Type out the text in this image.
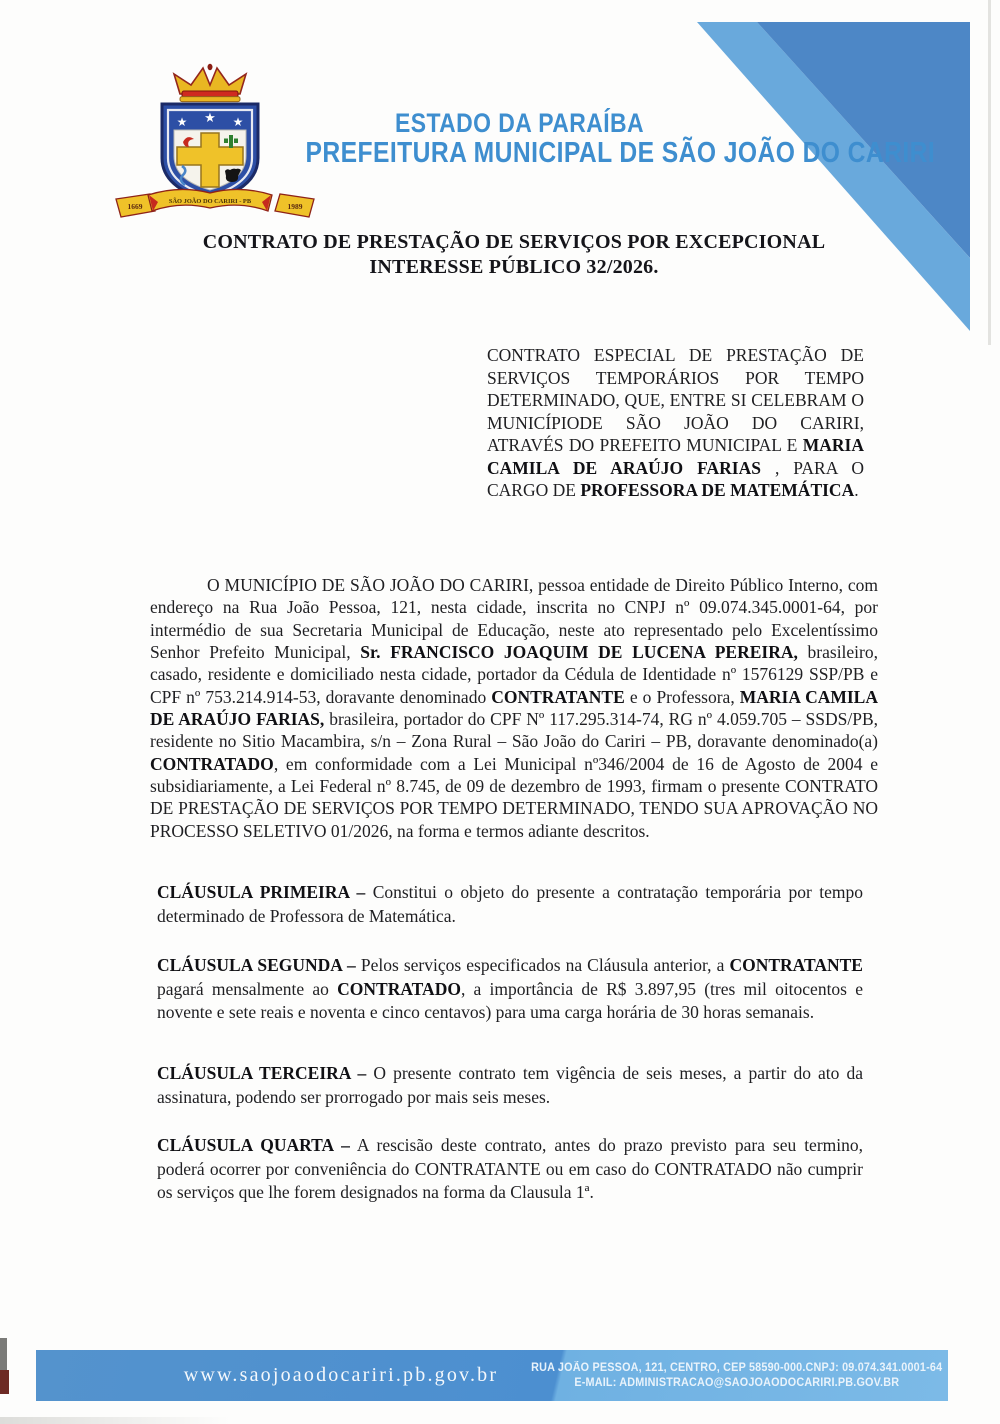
★ ★ ★
1669
SÃO JOÃO DO CARIRI - PB
1989
ESTADO DA PARAÍBA
PREFEITURA MUNICIPAL DE SÃO JOÃO DO CARIRI
CONTRATO DE PRESTAÇÃO DE SERVIÇOS POR EXCEPCIONAL
INTERESSE PÚBLICO 32/2026.

CONTRATO ESPECIAL DE PRESTAÇÃO DE SERVIÇOS TEMPORÁRIOS POR TEMPO DETERMINADO, QUE, ENTRE SI CELEBRAM O MUNICÍPIODE SÃO JOÃO DO CARIRI, ATRAVÉS DO PREFEITO MUNICIPAL E MARIA CAMILA DE ARAÚJO FARIAS , PARA O CARGO DE PROFESSORA DE MATEMÁTICA.

O MUNICÍPIO DE SÃO JOÃO DO CARIRI, pessoa entidade de Direito Público Interno, com endereço na Rua João Pessoa, 121, nesta cidade, inscrita no CNPJ nº 09.074.345.0001-64, por intermédio de sua Secretaria Municipal de Educação, neste ato representado pelo Excelentíssimo Senhor Prefeito Municipal, Sr. FRANCISCO JOAQUIM DE LUCENA PEREIRA, brasileiro, casado, residente e domiciliado nesta cidade, portador da Cédula de Identidade nº 1576129 SSP/PB e CPF nº 753.214.914-53, doravante denominado CONTRATANTE e o Professora, MARIA CAMILA DE ARAÚJO FARIAS, brasileira, portador do CPF Nº 117.295.314-74, RG nº 4.059.705 – SSDS/PB, residente no Sitio Macambira, s/n – Zona Rural – São João do Cariri – PB, doravante denominado(a) CONTRATADO, em conformidade com a Lei Municipal nº346/2004 de 16 de Agosto de 2004 e subsidiariamente, a Lei Federal nº 8.745, de 09 de dezembro de 1993, firmam o presente CONTRATO DE PRESTAÇÃO DE SERVIÇOS POR TEMPO DETERMINADO, TENDO SUA APROVAÇÃO NO PROCESSO SELETIVO 01/2026, na forma e termos adiante descritos.

CLÁUSULA PRIMEIRA – Constitui o objeto do presente a contratação temporária por tempo determinado de Professora de Matemática.

CLÁUSULA SEGUNDA – Pelos serviços especificados na Cláusula anterior, a CONTRATANTE pagará mensalmente ao CONTRATADO, a importância de R$ 3.897,95 (tres mil oitocentos e novente e sete reais e noventa e cinco centavos) para uma carga horária de 30 horas semanais.

CLÁUSULA TERCEIRA – O presente contrato tem vigência de seis meses, a partir do ato da assinatura, podendo ser prorrogado por mais seis meses.

CLÁUSULA QUARTA – A rescisão deste contrato, antes do prazo previsto para seu termino, poderá ocorrer por conveniência do CONTRATANTE ou em caso do CONTRATADO não cumprir os serviços que lhe forem designados na forma da Clausula 1ª.

www.saojoaodocariri.pb.gov.br	RUA JOÃO PESSOA, 121, CENTRO, CEP 58590-000.CNPJ: 09.074.341.0001-64
E-MAIL: ADMINISTRACAO@SAOJOAODOCARIRI.PB.GOV.BR
